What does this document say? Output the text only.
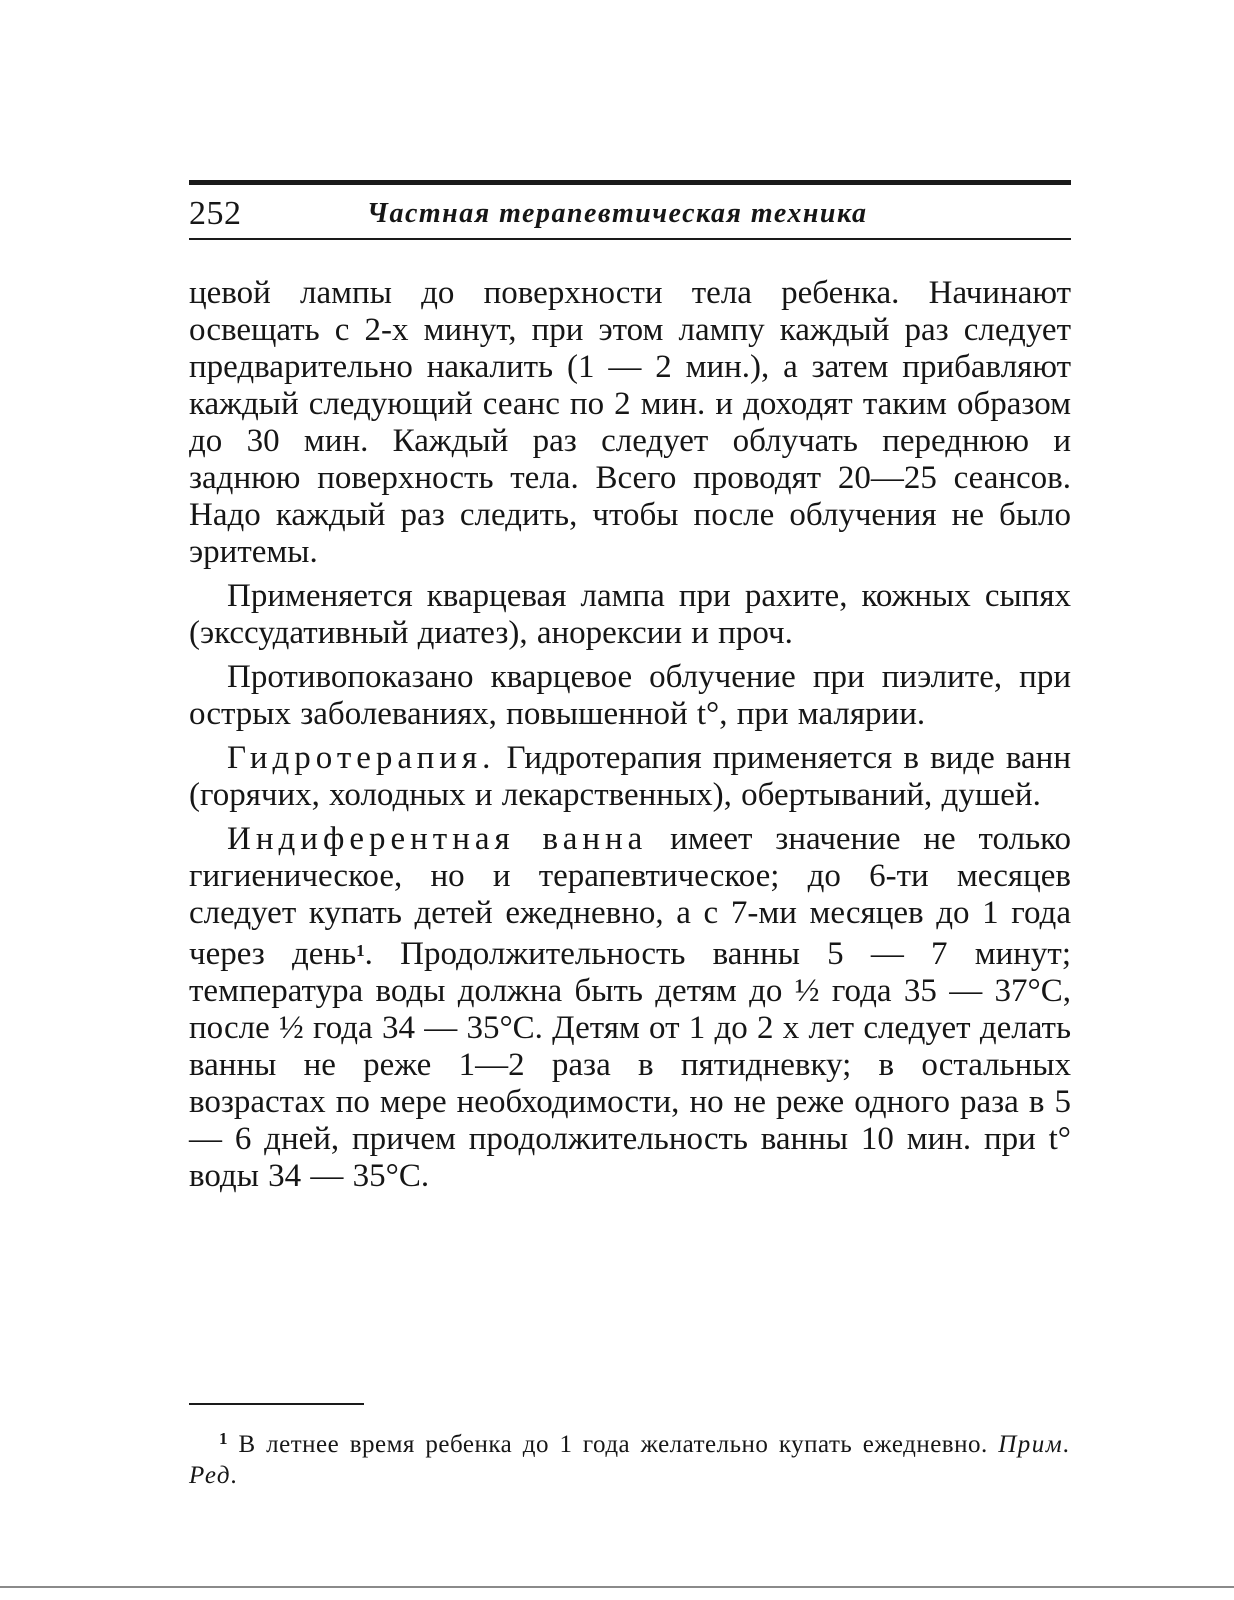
252	Частная терапевтическая техника

цевой лампы до поверхности тела ребенка. Начинают освещать с 2-х минут, при этом лампу каждый раз следует предварительно накалить (1 — 2 мин.), а затем прибавляют каждый следующий сеанс по 2 мин. и доходят таким образом до 30 мин. Каждый раз следует облучать переднюю и заднюю поверхность тела. Всего проводят 20—25 сеансов. Надо каждый раз следить, чтобы после облучения не было эритемы.

Применяется кварцевая лампа при рахите, кожных сыпях (экссудативный диатез), анорексии и проч.

Противопоказано кварцевое облучение при пиэлите, при острых заболеваниях, повышенной t°, при малярии.

Гидротерапия. Гидротерапия применяется в виде ванн (горячих, холодных и лекарственных), обертываний, душей.

Индиферентная ванна имеет значение не только гигиеническое, но и терапевтическое; до 6-ти месяцев следует купать детей ежедневно, а с 7-ми месяцев до 1 года через день$^1$. Продолжительность ванны 5 — 7 минут; температура воды должна быть детям до ½ года 35 — 37°С, после ½ года 34 — 35°С. Детям от 1 до 2 х лет следует делать ванны не реже 1—2 раза в пятидневку; в остальных возрастах по мере необходимости, но не реже одного раза в 5 — 6 дней, причем продолжительность ванны 10 мин. при t° воды 34 — 35°С.

$^1$ В летнее время ребенка до 1 года желательно купать ежедневно. Прим. Ред.
